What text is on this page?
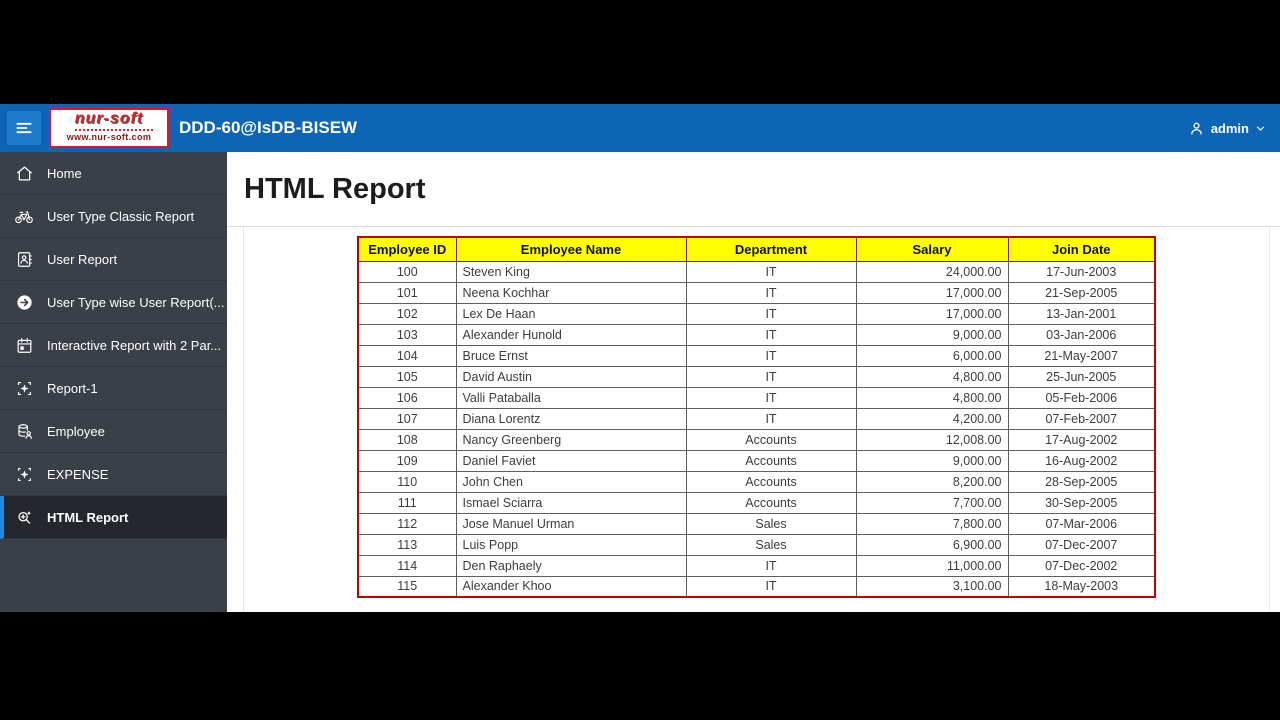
nur-soft
www.nur-soft.com	DDD-60@IsDB-BISEW	admin
Home
User Type Classic Report
User Report
User Type wise User Report(...
Interactive Report with 2 Par...
Report-1
Employee
EXPENSE
HTML Report
HTML Report
Employee ID	Employee Name	Department	Salary	Join Date
100	Steven King	IT	24,000.00	17-Jun-2003
101	Neena Kochhar	IT	17,000.00	21-Sep-2005
102	Lex De Haan	IT	17,000.00	13-Jan-2001
103	Alexander Hunold	IT	9,000.00	03-Jan-2006
104	Bruce Ernst	IT	6,000.00	21-May-2007
105	David Austin	IT	4,800.00	25-Jun-2005
106	Valli Pataballa	IT	4,800.00	05-Feb-2006
107	Diana Lorentz	IT	4,200.00	07-Feb-2007
108	Nancy Greenberg	Accounts	12,008.00	17-Aug-2002
109	Daniel Faviet	Accounts	9,000.00	16-Aug-2002
110	John Chen	Accounts	8,200.00	28-Sep-2005
111	Ismael Sciarra	Accounts	7,700.00	30-Sep-2005
112	Jose Manuel Urman	Sales	7,800.00	07-Mar-2006
113	Luis Popp	Sales	6,900.00	07-Dec-2007
114	Den Raphaely	IT	11,000.00	07-Dec-2002
115	Alexander Khoo	IT	3,100.00	18-May-2003
